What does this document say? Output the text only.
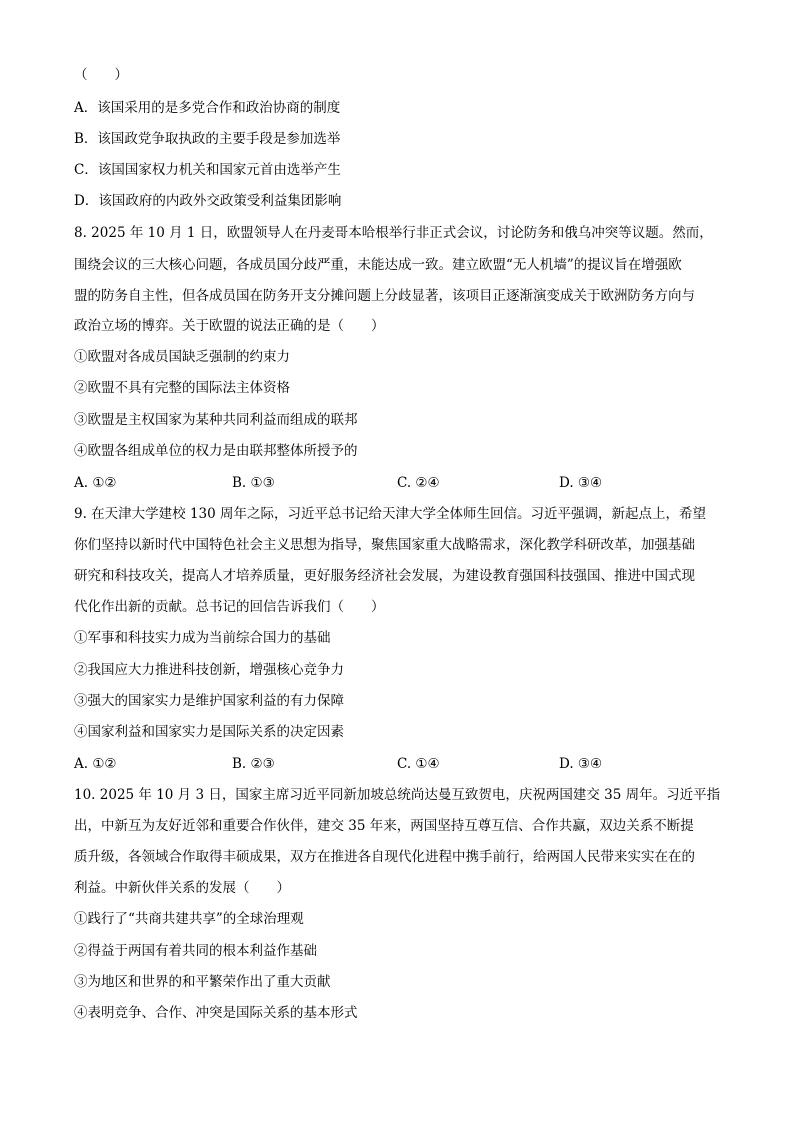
（　　）
A．该国采用的是多党合作和政治协商的制度
B．该国政党争取执政的主要手段是参加选举
C．该国国家权力机关和国家元首由选举产生
D．该国政府的内政外交政策受利益集团影响
8. 2025 年 10 月 1 日，欧盟领导人在丹麦哥本哈根举行非正式会议，讨论防务和俄乌冲突等议题。然而，
围绕会议的三大核心问题，各成员国分歧严重，未能达成一致。建立欧盟“无人机墙”的提议旨在增强欧
盟的防务自主性，但各成员国在防务开支分摊问题上分歧显著，该项目正逐渐演变成关于欧洲防务方向与
政治立场的博弈。关于欧盟的说法正确的是（　　）
①欧盟对各成员国缺乏强制的约束力
②欧盟不具有完整的国际法主体资格
③欧盟是主权国家为某种共同利益而组成的联邦
④欧盟各组成单位的权力是由联邦整体所授予的
A. ①②	B. ①③	C. ②④	D. ③④
9. 在天津大学建校 130 周年之际，习近平总书记给天津大学全体师生回信。习近平强调，新起点上，希望
你们坚持以新时代中国特色社会主义思想为指导，聚焦国家重大战略需求，深化教学科研改革，加强基础
研究和科技攻关，提高人才培养质量，更好服务经济社会发展，为建设教育强国科技强国、推进中国式现
代化作出新的贡献。总书记的回信告诉我们（　　）
①军事和科技实力成为当前综合国力的基础
②我国应大力推进科技创新，增强核心竞争力
③强大的国家实力是维护国家利益的有力保障
④国家利益和国家实力是国际关系的决定因素
A. ①②	B. ②③	C. ①④	D. ③④
10. 2025 年 10 月 3 日，国家主席习近平同新加坡总统尚达曼互致贺电，庆祝两国建交 35 周年。习近平指
出，中新互为友好近邻和重要合作伙伴，建交 35 年来，两国坚持互尊互信、合作共赢，双边关系不断提
质升级，各领域合作取得丰硕成果，双方在推进各自现代化进程中携手前行，给两国人民带来实实在在的
利益。中新伙伴关系的发展（　　）
①践行了“共商共建共享”的全球治理观
②得益于两国有着共同的根本利益作基础
③为地区和世界的和平繁荣作出了重大贡献
④表明竞争、合作、冲突是国际关系的基本形式
